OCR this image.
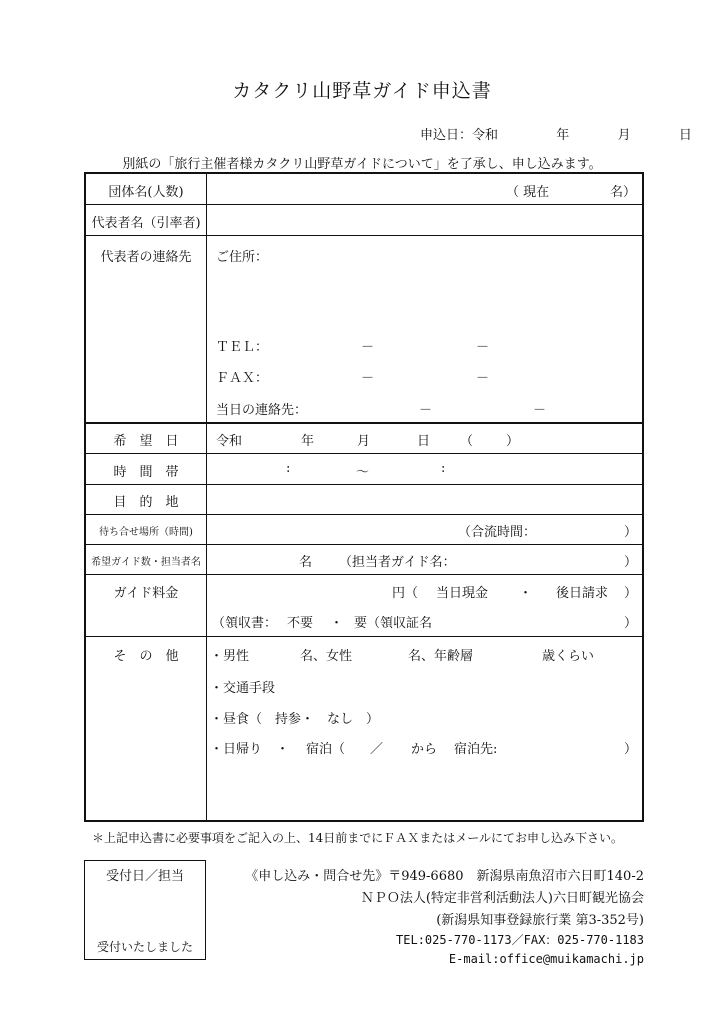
カタクリ山野草ガイド申込書
申込日：令和	年	月	日
別紙の「旅行主催者様カタクリ山野草ガイドについて」を了承し、申し込みます。
団体名(人数)	（ 現在	名）
代表者名（引率者)
代表者の連絡先	ご住所：
ＴＥＬ：	－	－
ＦＡＸ：	－	－
当日の連絡先：	－	－
希　望　日	令和	年	月	日 （	）
時　間　帯	:	～	:
目　的　地
待ち合せ場所（時間)	（合流時間：	）
希望ガイド数・担当者名	名 （担当者ガイド名：	）
ガイド料金	円（ 当日現金 ・ 後日請求 ）
（領収書： 不要 ・ 要（領収証名	）
そ　の　他	・男性	名、女性	名、年齢層	歳くらい
・交通手段
・昼食（　持参・　なし　）
・日帰り ・ 宿泊（ ／ から 宿泊先:	）
＊上記申込書に必要事項をご記入の上、14日前までにＦＡＸまたはメールにてお申し込み下さい。
受付日／担当
受付いたしました
《申し込み・問合せ先》〒949-6680　新潟県南魚沼市六日町140-2
ＮＰＯ法人(特定非営利活動法人)六日町観光協会
(新潟県知事登録旅行業 第3-352号)
TEL:025-770-1173／FAX：025-770-1183
E-mail:office@muikamachi.jp
